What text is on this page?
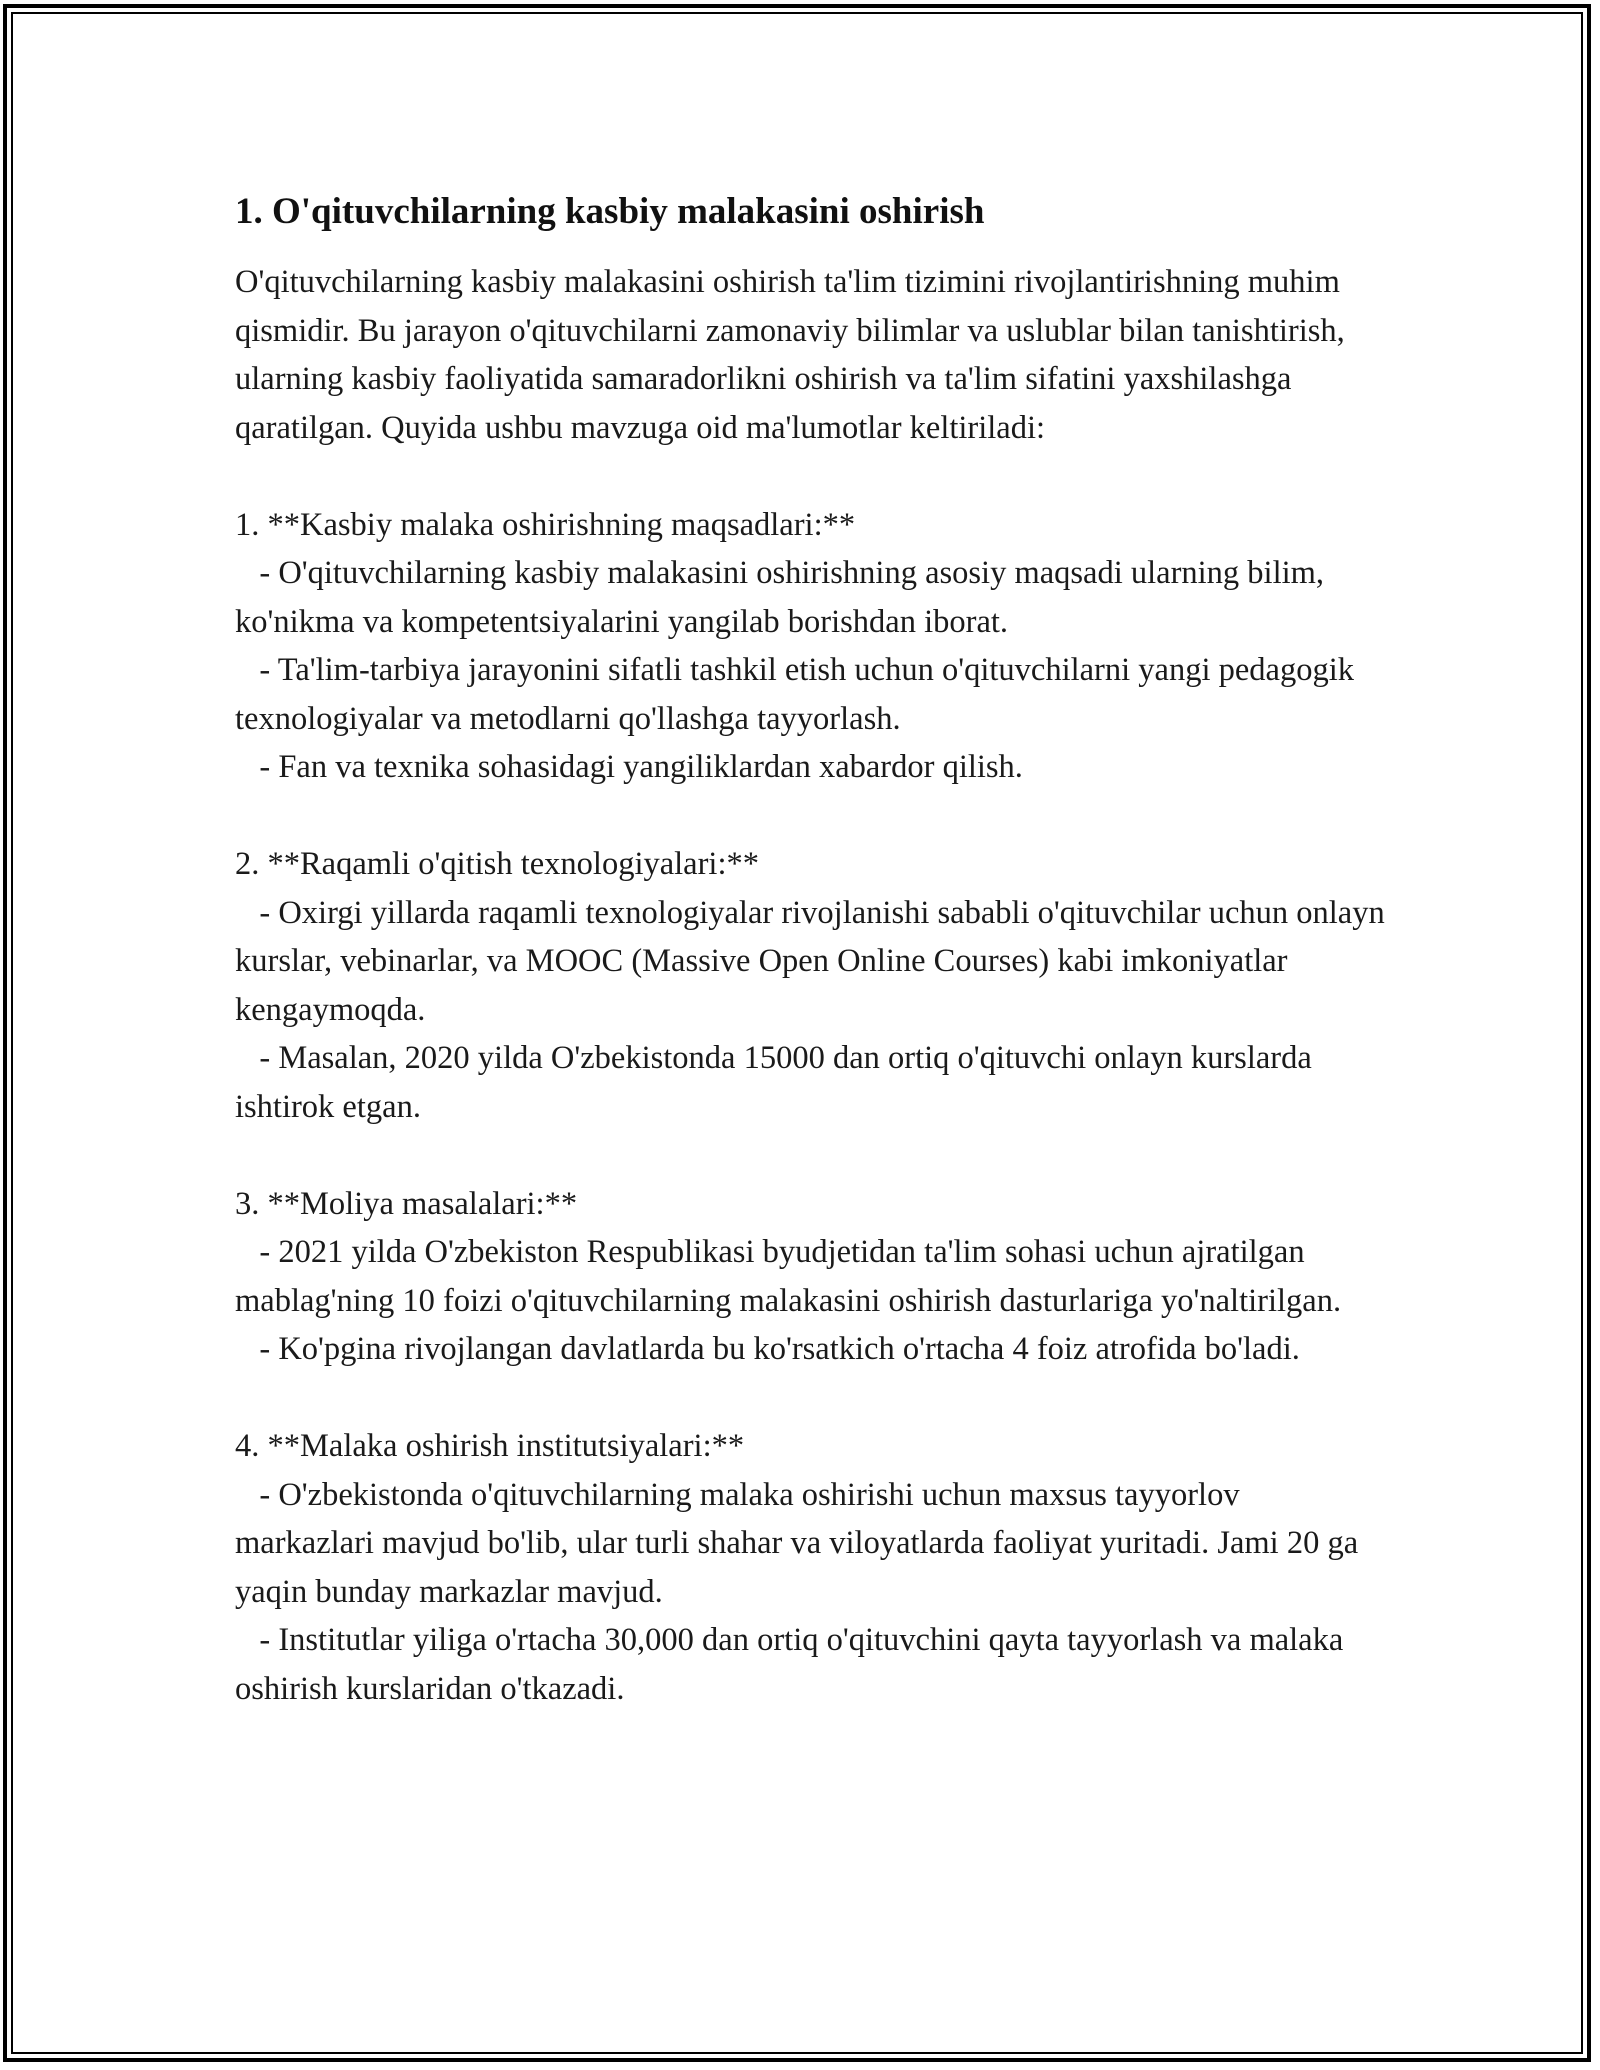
1. O'qituvchilarning kasbiy malakasini oshirish

O'qituvchilarning kasbiy malakasini oshirish ta'lim tizimini rivojlantirishning muhim qismidir. Bu jarayon o'qituvchilarni zamonaviy bilimlar va uslublar bilan tanishtirish, ularning kasbiy faoliyatida samaradorlikni oshirish va ta'lim sifatini yaxshilashga qaratilgan. Quyida ushbu mavzuga oid ma'lumotlar keltiriladi:

1. **Kasbiy malaka oshirishning maqsadlari:**

- O'qituvchilarning kasbiy malakasini oshirishning asosiy maqsadi ularning bilim, ko'nikma va kompetentsiyalarini yangilab borishdan iborat.

- Ta'lim-tarbiya jarayonini sifatli tashkil etish uchun o'qituvchilarni yangi pedagogik texnologiyalar va metodlarni qo'llashga tayyorlash.

- Fan va texnika sohasidagi yangiliklardan xabardor qilish.

2. **Raqamli o'qitish texnologiyalari:**

- Oxirgi yillarda raqamli texnologiyalar rivojlanishi sababli o'qituvchilar uchun onlayn kurslar, vebinarlar, va MOOC (Massive Open Online Courses) kabi imkoniyatlar kengaymoqda.

- Masalan, 2020 yilda O'zbekistonda 15000 dan ortiq o'qituvchi onlayn kurslarda ishtirok etgan.

3. **Moliya masalalari:**

- 2021 yilda O'zbekiston Respublikasi byudjetidan ta'lim sohasi uchun ajratilgan mablag'ning 10 foizi o'qituvchilarning malakasini oshirish dasturlariga yo'naltirilgan.

- Ko'pgina rivojlangan davlatlarda bu ko'rsatkich o'rtacha 4 foiz atrofida bo'ladi.

4. **Malaka oshirish institutsiyalari:**

- O'zbekistonda o'qituvchilarning malaka oshirishi uchun maxsus tayyorlov markazlari mavjud bo'lib, ular turli shahar va viloyatlarda faoliyat yuritadi. Jami 20 ga yaqin bunday markazlar mavjud.

- Institutlar yiliga o'rtacha 30,000 dan ortiq o'qituvchini qayta tayyorlash va malaka oshirish kurslaridan o'tkazadi.
